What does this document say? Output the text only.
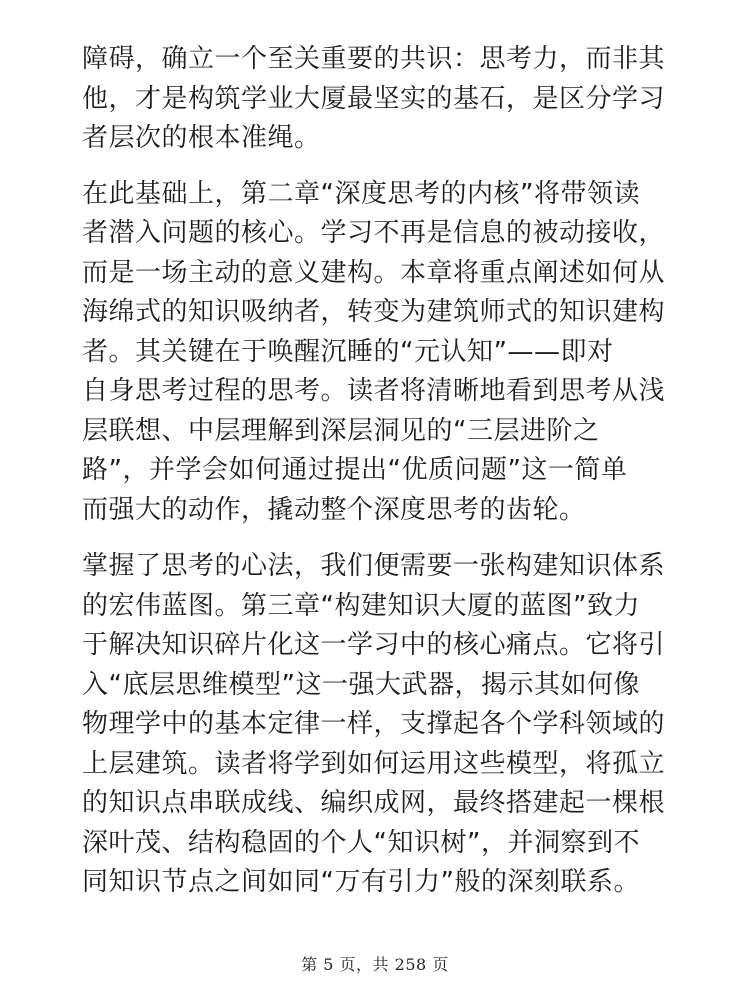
障碍，确立一个至关重要的共识：思考力，而非其
他，才是构筑学业大厦最坚实的基石，是区分学习
者层次的根本准绳。
在此基础上，第二章“深度思考的内核”将带领读
者潜入问题的核心。学习不再是信息的被动接收，
而是一场主动的意义建构。本章将重点阐述如何从
海绵式的知识吸纳者，转变为建筑师式的知识建构
者。其关键在于唤醒沉睡的“元认知”——即对
自身思考过程的思考。读者将清晰地看到思考从浅
层联想、中层理解到深层洞见的“三层进阶之
路”，并学会如何通过提出“优质问题”这一简单
而强大的动作，撬动整个深度思考的齿轮。
掌握了思考的心法，我们便需要一张构建知识体系
的宏伟蓝图。第三章“构建知识大厦的蓝图”致力
于解决知识碎片化这一学习中的核心痛点。它将引
入“底层思维模型”这一强大武器，揭示其如何像
物理学中的基本定律一样，支撑起各个学科领域的
上层建筑。读者将学到如何运用这些模型，将孤立
的知识点串联成线、编织成网，最终搭建起一棵根
深叶茂、结构稳固的个人“知识树”，并洞察到不
同知识节点之间如同“万有引力”般的深刻联系。
第 5 页，共 258 页
